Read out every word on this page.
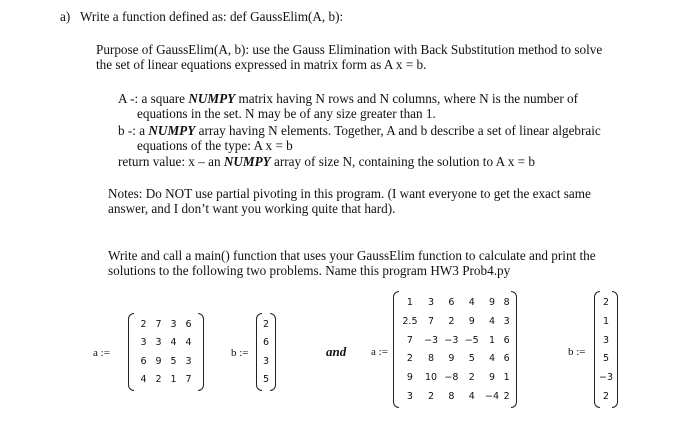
a) Write a function defined as: def GaussElim(A, b):
Purpose of GaussElim(A, b): use the Gauss Elimination with Back Substitution method to solve
the set of linear equations expressed in matrix form as A x = b.
A -: a square NUMPY matrix having N rows and N columns, where N is the number of
equations in the set. N may be of any size greater than 1.
b -: a NUMPY array having N elements. Together, A and b describe a set of linear algebraic
equations of the type: A x = b
return value: x – an NUMPY array of size N, containing the solution to A x = b
Notes: Do NOT use partial pivoting in this program. (I want everyone to get the exact same
answer, and I don’t want you working quite that hard).
Write and call a main() function that uses your GaussElim function to calculate and print the
solutions to the following two problems. Name this program HW3 Prob4.py
a :=
2	7	3	6
3	3	4	4
6	9	5	3
4	2	1	7
b :=
2
6
3
5
and a :=
1	3	6	4	9	8
2.5	7	2	9	4	3
7	−3	−3	−5	1	6
2	8	9	5	4	6
9	10	−8	2	9	1
3	2	8	4	−4	2
b :=
2
1
3
5
−3
2
